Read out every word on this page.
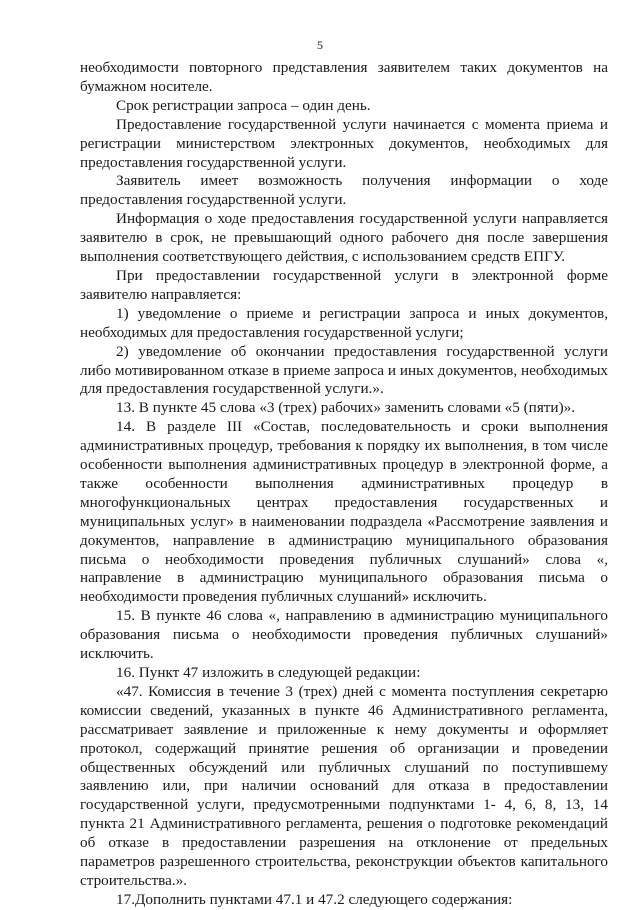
5

необходимости повторного представления заявителем таких документов на бумажном носителе.

Срок регистрации запроса – один день.

Предоставление государственной услуги начинается с момента приема и регистрации министерством электронных документов, необходимых для предоставления государственной услуги.

Заявитель имеет возможность получения информации о ходе предоставления государственной услуги.

Информация о ходе предоставления государственной услуги направляется заявителю в срок, не превышающий одного рабочего дня после завершения выполнения соответствующего действия, с использованием средств ЕПГУ.

При предоставлении государственной услуги в электронной форме заявителю направляется:

1) уведомление о приеме и регистрации запроса и иных документов, необходимых для предоставления государственной услуги;

2) уведомление об окончании предоставления государственной услуги либо мотивированном отказе в приеме запроса и иных документов, необходимых для предоставления государственной услуги.».

13. В пункте 45 слова «3 (трех) рабочих» заменить словами «5 (пяти)».

14. В разделе III «Состав, последовательность и сроки выполнения административных процедур, требования к порядку их выполнения, в том числе особенности выполнения административных процедур в электронной форме, а также особенности выполнения административных процедур в многофункциональных центрах предоставления государственных и муниципальных услуг» в наименовании подраздела «Рассмотрение заявления и документов, направление в администрацию муниципального образования письма о необходимости проведения публичных слушаний» слова «, направление в администрацию муниципального образования письма о необходимости проведения публичных слушаний» исключить.

15. В пункте 46 слова «, направлению в администрацию муниципального образования письма о необходимости проведения публичных слушаний» исключить.

16. Пункт 47 изложить в следующей редакции:

«47. Комиссия в течение 3 (трех) дней с момента поступления секретарю комиссии сведений, указанных в пункте 46 Административного регламента, рассматривает заявление и приложенные к нему документы и оформляет протокол, содержащий принятие решения об организации и проведении общественных обсуждений или публичных слушаний по поступившему заявлению или, при наличии оснований для отказа в предоставлении государственной услуги, предусмотренными подпунктами 1- 4, 6, 8, 13, 14 пункта 21 Административного регламента, решения о подготовке рекомендаций об отказе в предоставлении разрешения на отклонение от предельных параметров разрешенного строительства, реконструкции объектов капитального строительства.».

17.Дополнить пунктами 47.1 и 47.2 следующего содержания:
